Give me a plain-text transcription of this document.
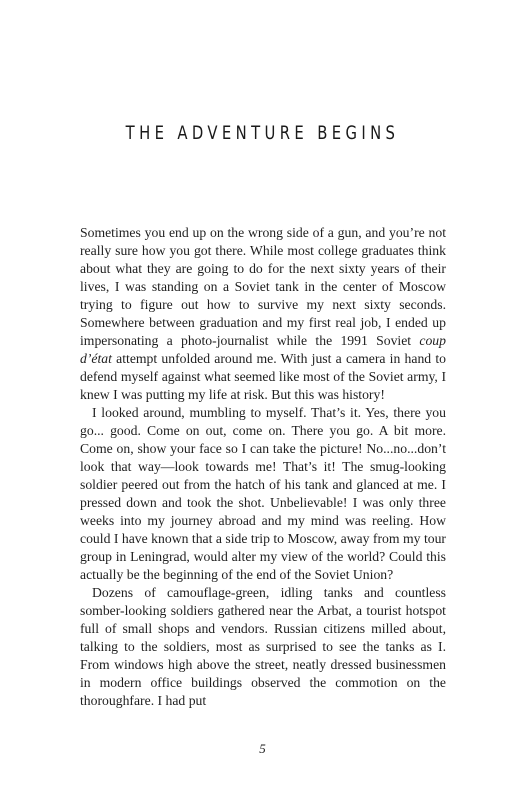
THE ADVENTURE BEGINS

Sometimes you end up on the wrong side of a gun, and you’re not really sure how you got there. While most college graduates think about what they are going to do for the next sixty years of their lives, I was standing on a Soviet tank in the center of Moscow trying to figure out how to survive my next sixty seconds. Somewhere between graduation and my first real job, I ended up impersonating a photo-journalist while the 1991 Soviet coup d’état attempt unfolded around me. With just a camera in hand to defend myself against what seemed like most of the Soviet army, I knew I was putting my life at risk. But this was history!

I looked around, mumbling to myself. That’s it. Yes, there you go... good. Come on out, come on. There you go. A bit more. Come on, show your face so I can take the picture! No...no...don’t look that way—look towards me! That’s it! The smug-looking soldier peered out from the hatch of his tank and glanced at me. I pressed down and took the shot. Unbelievable! I was only three weeks into my journey abroad and my mind was reeling. How could I have known that a side trip to Moscow, away from my tour group in Leningrad, would alter my view of the world? Could this actually be the beginning of the end of the Soviet Union?

Dozens of camouflage-green, idling tanks and countless somber-looking soldiers gathered near the Arbat, a tourist hotspot full of small shops and vendors. Russian citizens milled about, talking to the soldiers, most as surprised to see the tanks as I. From windows high above the street, neatly dressed businessmen in modern office buildings observed the commotion on the thoroughfare. I had put

5
